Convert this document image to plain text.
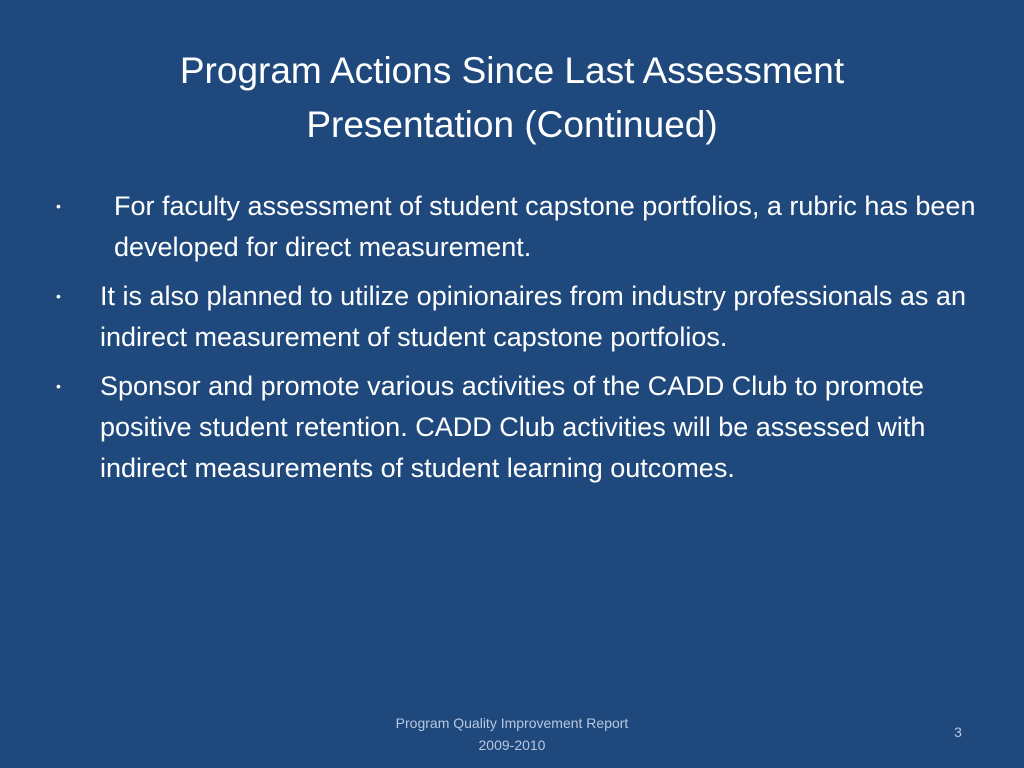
Program Actions Since Last Assessment
Presentation (Continued)
•	For faculty assessment of student capstone portfolios, a rubric has been developed for direct measurement.
•	It is also planned to utilize opinionaires from industry professionals as an indirect measurement of student capstone portfolios.
•	Sponsor and promote various activities of the CADD Club to promote positive student retention. CADD Club activities will be assessed with indirect measurements of student learning outcomes.
Program Quality Improvement Report
2009-2010
3
